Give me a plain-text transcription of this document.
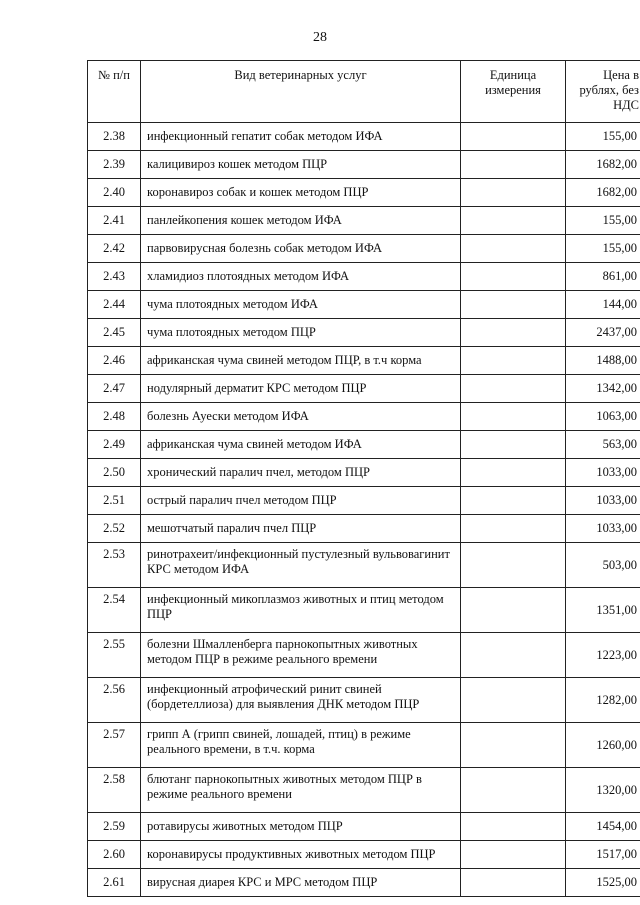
28
№ п/п	Вид ветеринарных услуг	Единица измерения	Цена в рублях, без НДС
2.38	инфекционный гепатит собак методом ИФА		155,00
2.39	калицивироз кошек методом ПЦР		1682,00
2.40	коронавироз собак и кошек методом ПЦР		1682,00
2.41	панлейкопения кошек методом ИФА		155,00
2.42	парвовирусная болезнь собак методом ИФА		155,00
2.43	хламидиоз плотоядных методом ИФА		861,00
2.44	чума плотоядных методом ИФА		144,00
2.45	чума плотоядных методом ПЦР		2437,00
2.46	африканская чума свиней методом ПЦР, в т.ч корма		1488,00
2.47	нодулярный дерматит КРС методом ПЦР		1342,00
2.48	болезнь Ауески методом ИФА		1063,00
2.49	африканская чума свиней методом ИФА		563,00
2.50	хронический паралич пчел, методом ПЦР		1033,00
2.51	острый паралич пчел методом ПЦР		1033,00
2.52	мешотчатый паралич пчел ПЦР		1033,00
2.53	ринотрахеит/инфекционный пустулезный вульвовагинит КРС методом ИФА		503,00
2.54	инфекционный микоплазмоз животных и птиц методом ПЦР		1351,00
2.55	болезни Шмалленберга парнокопытных животных методом ПЦР в режиме реального времени		1223,00
2.56	инфекционный атрофический ринит свиней (бордетеллиоза) для выявления ДНК методом ПЦР		1282,00
2.57	грипп А (грипп свиней, лошадей, птиц) в режиме реального времени, в т.ч. корма		1260,00
2.58	блютанг парнокопытных животных методом ПЦР в режиме реального времени		1320,00
2.59	ротавирусы животных методом ПЦР		1454,00
2.60	коронавирусы продуктивных животных методом ПЦР		1517,00
2.61	вирусная диарея КРС и МРС методом ПЦР		1525,00
